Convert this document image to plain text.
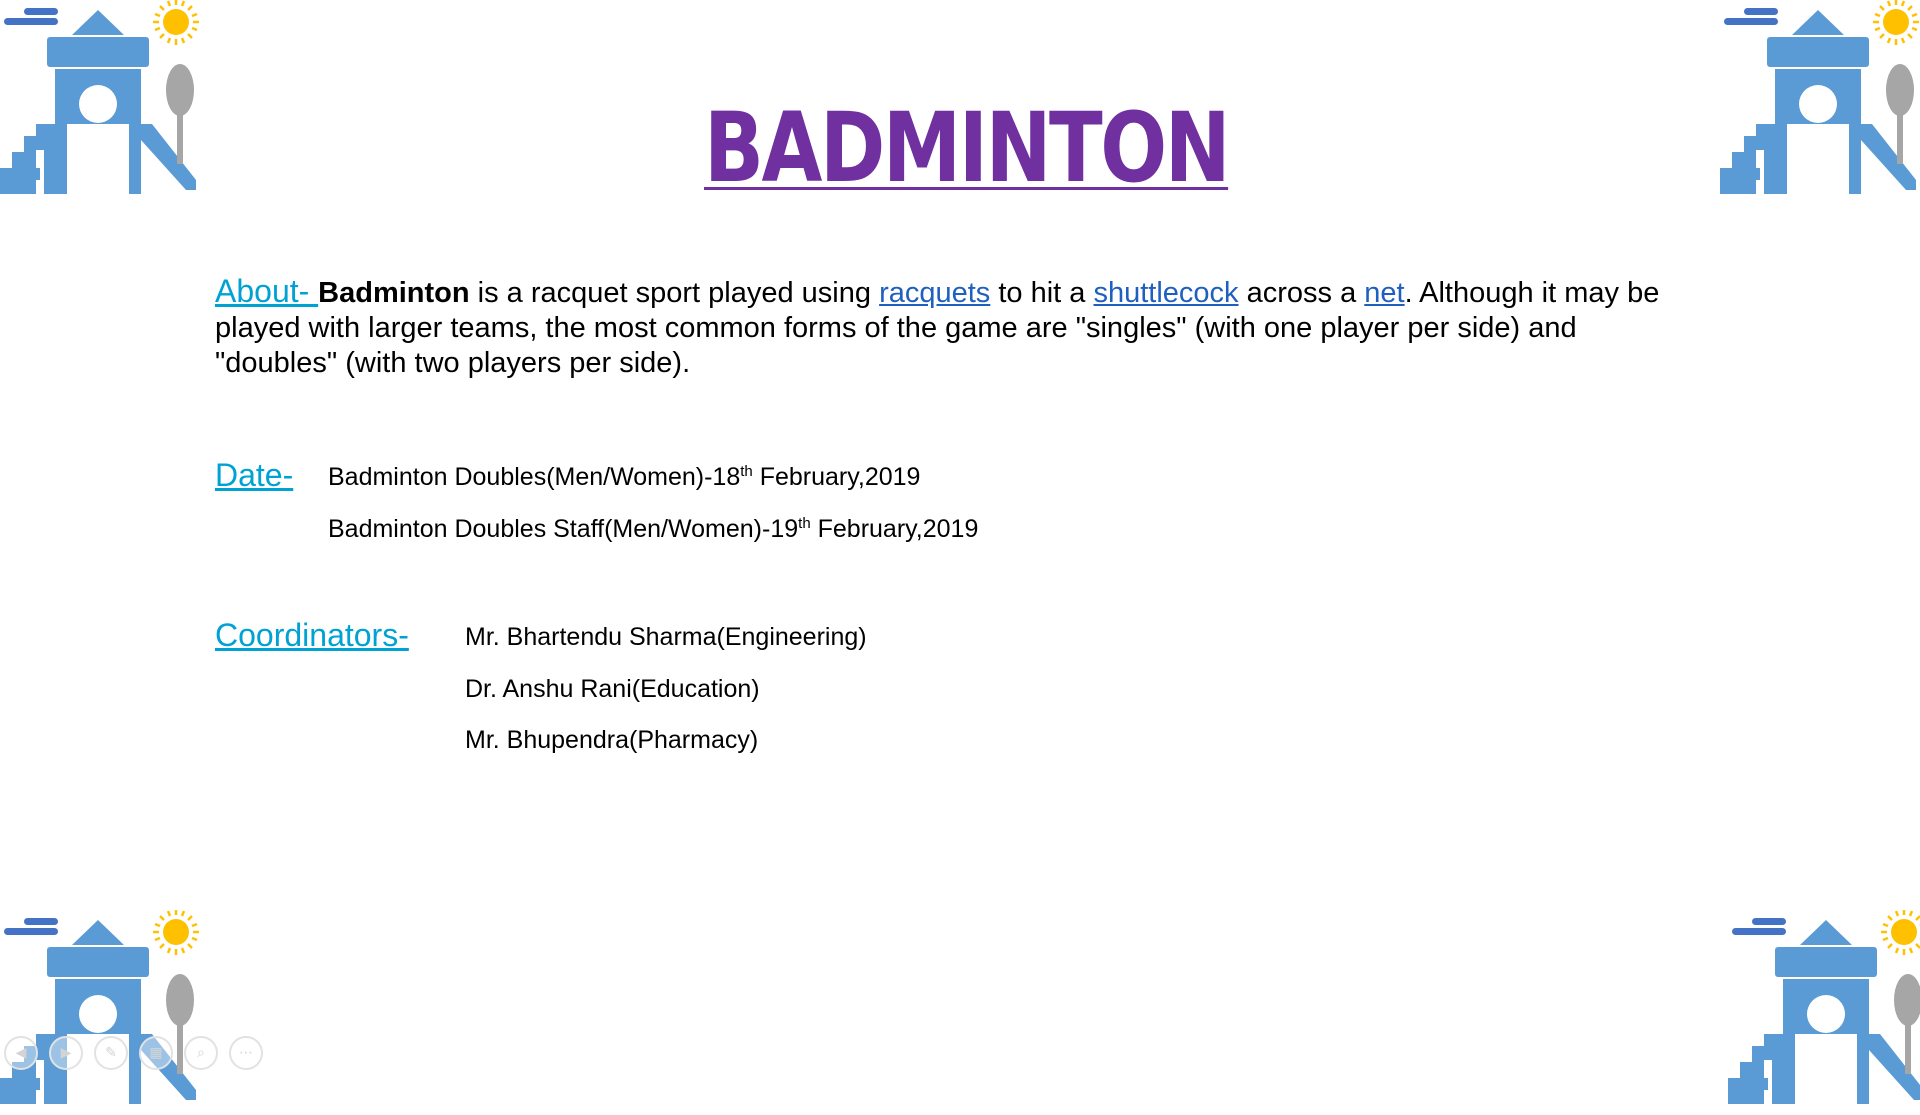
BADMINTON
About- Badminton is a racquet sport played using racquets to hit a shuttlecock across a net. Although it may be played with larger teams, the most common forms of the game are "singles" (with one player per side) and "doubles" (with two players per side).
Date- Badminton Doubles(Men/Women)-18th February,2019
Badminton Doubles Staff(Men/Women)-19th February,2019
Coordinators- Mr. Bhartendu Sharma(Engineering)
Dr. Anshu Rani(Education)
Mr. Bhupendra(Pharmacy)
◀ ▶ ✎ ▦ ⌕ ⋯
